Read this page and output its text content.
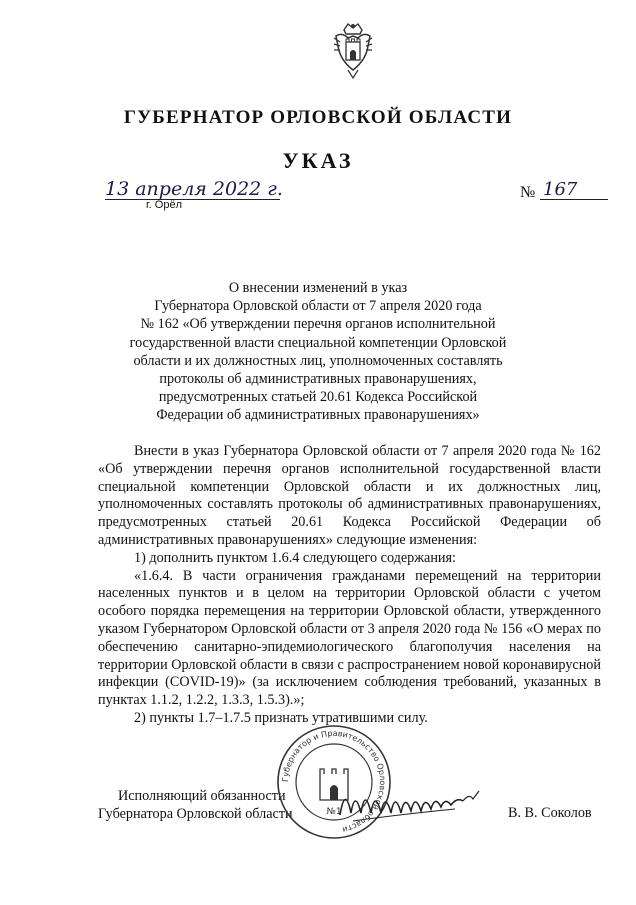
ГУБЕРНАТОР ОРЛОВСКОЙ ОБЛАСТИ
УКАЗ
13 апреля 2022 г.
г. Орёл
№ 167
О внесении изменений в указ
Губернатора Орловской области от 7 апреля 2020 года
№ 162 «Об утверждении перечня органов исполнительной
государственной власти специальной компетенции Орловской
области и их должностных лиц, уполномоченных составлять
протоколы об административных правонарушениях,
предусмотренных статьей 20.61 Кодекса Российской
Федерации об административных правонарушениях»

Внести в указ Губернатора Орловской области от 7 апреля 2020 года № 162 «Об утверждении перечня органов исполнительной государственной власти специальной компетенции Орловской области и их должностных лиц, уполномоченных составлять протоколы об административных правонарушениях, предусмотренных статьей 20.61 Кодекса Российской Федерации об административных правонарушениях» следующие изменения:

1) дополнить пунктом 1.6.4 следующего содержания:

«1.6.4. В части ограничения гражданами перемещений на территории населенных пунктов и в целом на территории Орловской области с учетом особого порядка перемещения на территории Орловской области, утвержденного указом Губернатором Орловской области от 3 апреля 2020 года № 156 «О мерах по обеспечению санитарно-эпидемиологического благополучия населения на территории Орловской области в связи с распространением новой коронавирусной инфекции (COVID-19)» (за исключением соблюдения требований, указанных в пунктах 1.1.2, 1.2.2, 1.3.3, 1.5.3).»;

2) пункты 1.7–1.7.5 признать утратившими силу.

Исполняющий обязанности
Губернатора Орловской области	В. В. Соколов
Губернатор и Правительство Орловской области
№1
